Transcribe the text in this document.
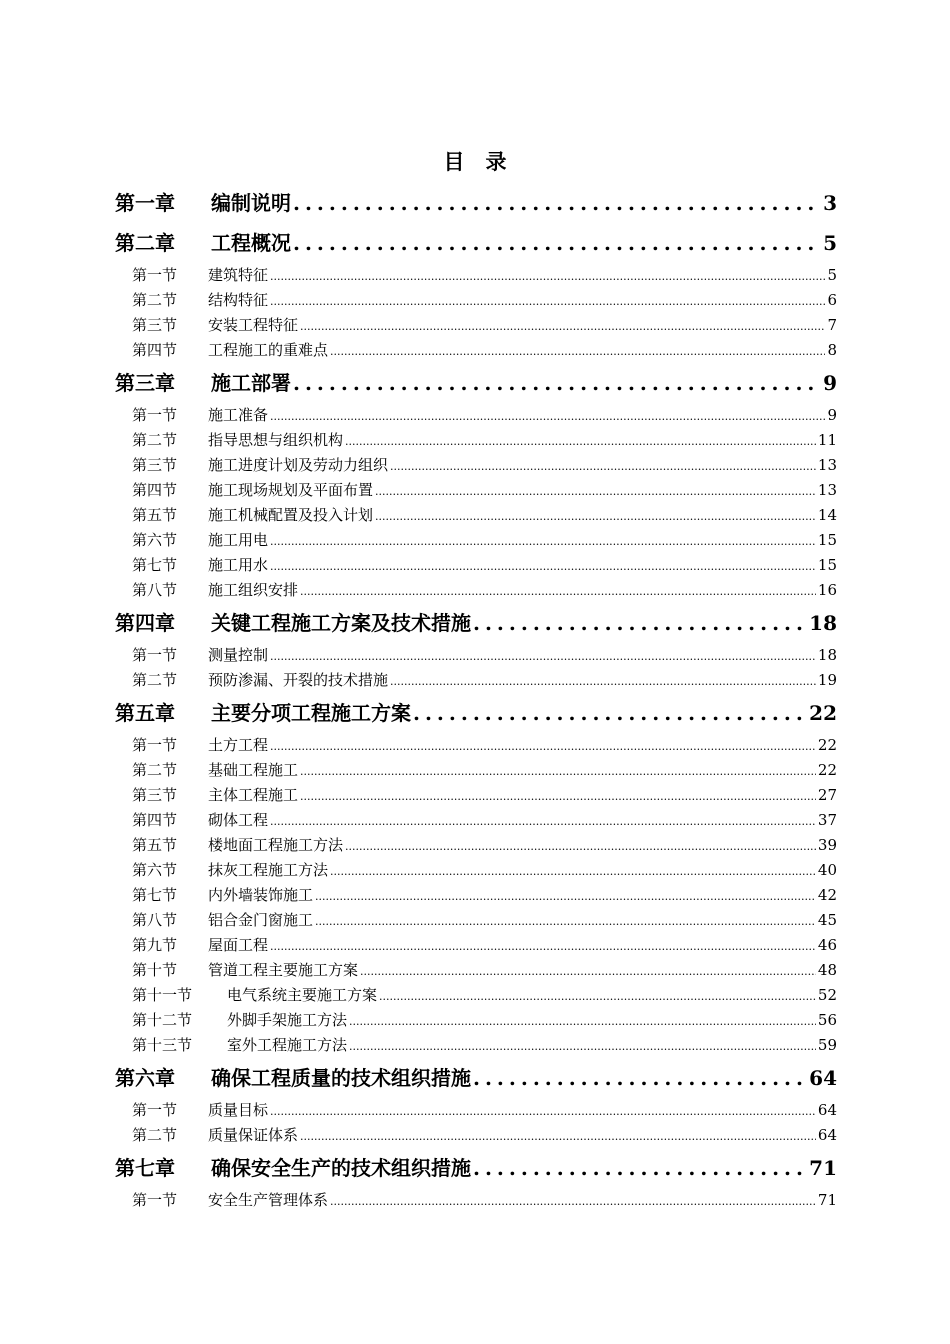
目　录
第一章	编制说明 .....	3
第二章	工程概况 .....	5
第一节	建筑特征 .....	5
第二节	结构特征 .....	6
第三节	安装工程特征 .....	7
第四节	工程施工的重难点 .....	8
第三章	施工部署 .....	9
第一节	施工准备 .....	9
第二节	指导思想与组织机构 .....	11
第三节	施工进度计划及劳动力组织 .....	13
第四节	施工现场规划及平面布置 .....	13
第五节	施工机械配置及投入计划 .....	14
第六节	施工用电 .....	15
第七节	施工用水 .....	15
第八节	施工组织安排 .....	16
第四章	关键工程施工方案及技术措施 .....	18
第一节	测量控制 .....	18
第二节	预防渗漏、开裂的技术措施 .....	19
第五章	主要分项工程施工方案 .....	22
第一节	土方工程 .....	22
第二节	基础工程施工 .....	22
第三节	主体工程施工 .....	27
第四节	砌体工程 .....	37
第五节	楼地面工程施工方法 .....	39
第六节	抹灰工程施工方法 .....	40
第七节	内外墙装饰施工 .....	42
第八节	铝合金门窗施工 .....	45
第九节	屋面工程 .....	46
第十节	管道工程主要施工方案 .....	48
第十一节	电气系统主要施工方案 .....	52
第十二节	外脚手架施工方法 .....	56
第十三节	室外工程施工方法 .....	59
第六章	确保工程质量的技术组织措施 .....	64
第一节	质量目标 .....	64
第二节	质量保证体系 .....	64
第七章	确保安全生产的技术组织措施 .....	71
第一节	安全生产管理体系 .....	71
